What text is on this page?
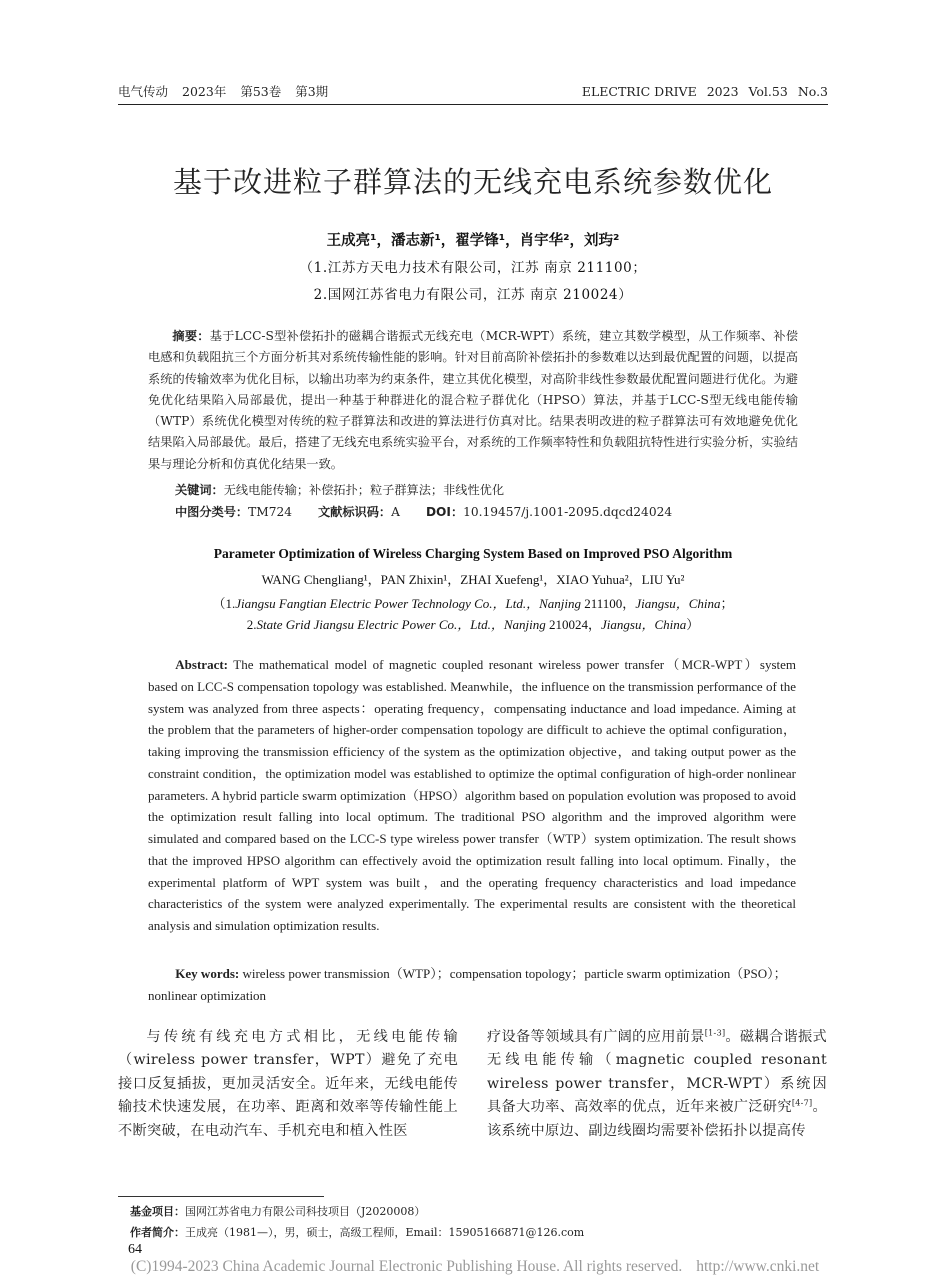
电气传动 2023年 第53卷 第3期	ELECTRIC DRIVE 2023 Vol.53 No.3
基于改进粒子群算法的无线充电系统参数优化
王成亮¹，潘志新¹，翟学锋¹，肖宇华²，刘玙²
（1.江苏方天电力技术有限公司，江苏 南京 211100；
2.国网江苏省电力有限公司，江苏 南京 210024）
摘要：基于LCC-S型补偿拓扑的磁耦合谐振式无线充电（MCR-WPT）系统，建立其数学模型，从工作频率、补偿电感和负载阻抗三个方面分析其对系统传输性能的影响。针对目前高阶补偿拓扑的参数难以达到最优配置的问题，以提高系统的传输效率为优化目标，以输出功率为约束条件，建立其优化模型，对高阶非线性参数最优配置问题进行优化。为避免优化结果陷入局部最优，提出一种基于种群进化的混合粒子群优化（HPSO）算法，并基于LCC-S型无线电能传输（WTP）系统优化模型对传统的粒子群算法和改进的算法进行仿真对比。结果表明改进的粒子群算法可有效地避免优化结果陷入局部最优。最后，搭建了无线充电系统实验平台，对系统的工作频率特性和负载阻抗特性进行实验分析，实验结果与理论分析和仿真优化结果一致。
关键词：无线电能传输；补偿拓扑；粒子群算法；非线性优化
中图分类号：TM724 文献标识码：A DOI：10.19457/j.1001-2095.dqcd24024
Parameter Optimization of Wireless Charging System Based on Improved PSO Algorithm
WANG Chengliang¹，PAN Zhixin¹，ZHAI Xuefeng¹，XIAO Yuhua²，LIU Yu²
（1.Jiangsu Fangtian Electric Power Technology Co.，Ltd.，Nanjing 211100，Jiangsu，China；
2.State Grid Jiangsu Electric Power Co.，Ltd.，Nanjing 210024，Jiangsu，China）
Abstract: The mathematical model of magnetic coupled resonant wireless power transfer（MCR-WPT）system based on LCC-S compensation topology was established. Meanwhile，the influence on the transmission performance of the system was analyzed from three aspects：operating frequency，compensating inductance and load impedance. Aiming at the problem that the parameters of higher-order compensation topology are difficult to achieve the optimal configuration，taking improving the transmission efficiency of the system as the optimization objective，and taking output power as the constraint condition，the optimization model was established to optimize the optimal configuration of high-order nonlinear parameters. A hybrid particle swarm optimization（HPSO）algorithm based on population evolution was proposed to avoid the optimization result falling into local optimum. The traditional PSO algorithm and the improved algorithm were simulated and compared based on the LCC-S type wireless power transfer（WTP）system optimization. The result shows that the improved HPSO algorithm can effectively avoid the optimization result falling into local optimum. Finally，the experimental platform of WPT system was built，and the operating frequency characteristics and load impedance characteristics of the system were analyzed experimentally. The experimental results are consistent with the theoretical analysis and simulation optimization results.
Key words: wireless power transmission（WTP）；compensation topology；particle swarm optimization（PSO）；nonlinear optimization

与传统有线充电方式相比，无线电能传输（wireless power transfer，WPT）避免了充电接口反复插拔，更加灵活安全。近年来，无线电能传输技术快速发展，在功率、距离和效率等传输性能上不断突破，在电动汽车、手机充电和植入性医

疗设备等领域具有广阔的应用前景[1-3]。磁耦合谐振式无线电能传输（magnetic coupled resonant wireless power transfer，MCR-WPT）系统因具备大功率、高效率的优点，近年来被广泛研究[4-7]。该系统中原边、副边线圈均需要补偿拓扑以提高传

基金项目：国网江苏省电力有限公司科技项目（J2020008）
作者简介：王成亮（1981—），男，硕士，高级工程师，Email：15905166871@126.com
64
(C)1994-2023 China Academic Journal Electronic Publishing House. All rights reserved. http://www.cnki.net
